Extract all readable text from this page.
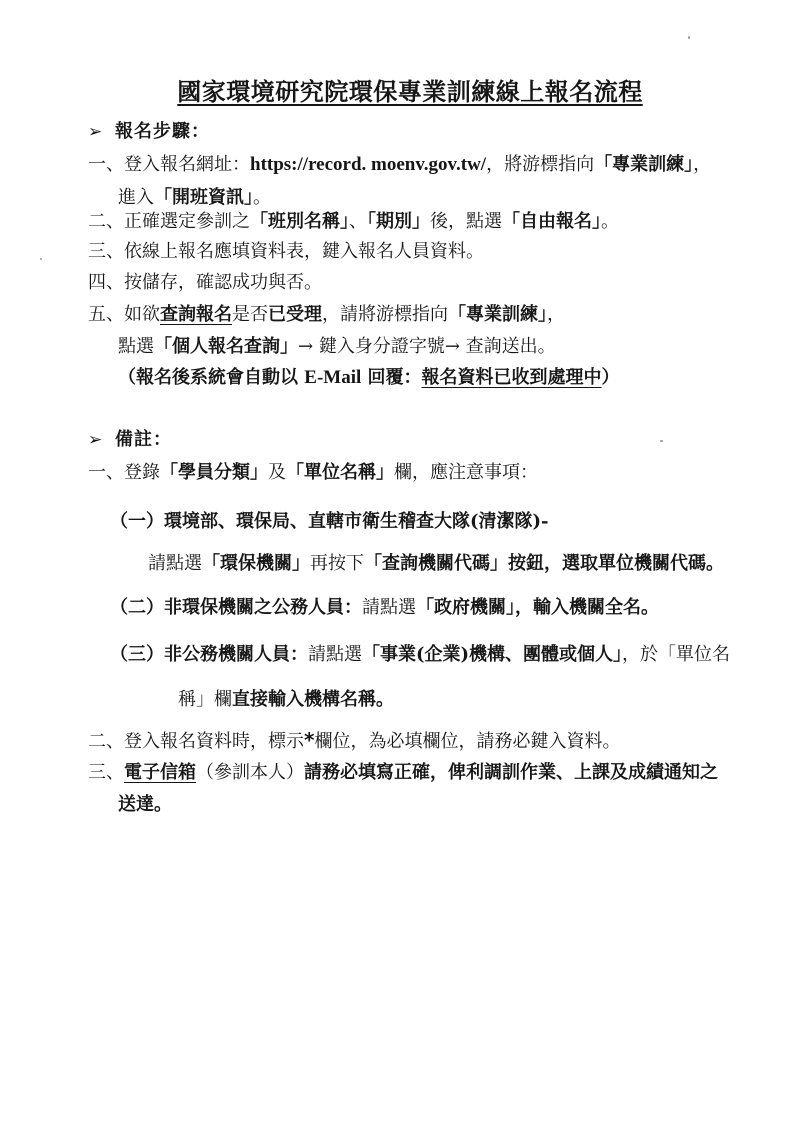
國家環境研究院環保專業訓練線上報名流程
➢ 報名步驟：
一、登入報名網址：https://record. moenv.gov.tw/，將游標指向「專業訓練」，
進入「開班資訊」。
二、正確選定參訓之「班別名稱」、「期別」後，點選「自由報名」。
三、依線上報名應填資料表，鍵入報名人員資料。
四、按儲存，確認成功與否。
五、如欲查詢報名是否已受理，請將游標指向「專業訓練」，
點選「個人報名查詢」→ 鍵入身分證字號→ 查詢送出。
（報名後系統會自動以 E-Mail 回覆：報名資料已收到處理中）
➢ 備註：
一、登錄「學員分類」及「單位名稱」欄，應注意事項：
（一）環境部、環保局、直轄市衛生稽查大隊(清潔隊)-
請點選「環保機關」再按下「查詢機關代碼」按鈕，選取單位機關代碼。
（二）非環保機關之公務人員：請點選「政府機關」，輸入機關全名。
（三）非公務機關人員：請點選「事業(企業)機構、團體或個人」，於「單位名
稱」欄直接輸入機構名稱。
二、登入報名資料時，標示*欄位，為必填欄位，請務必鍵入資料。
三、電子信箱（參訓本人）請務必填寫正確，俾利調訓作業、上課及成績通知之
送達。
